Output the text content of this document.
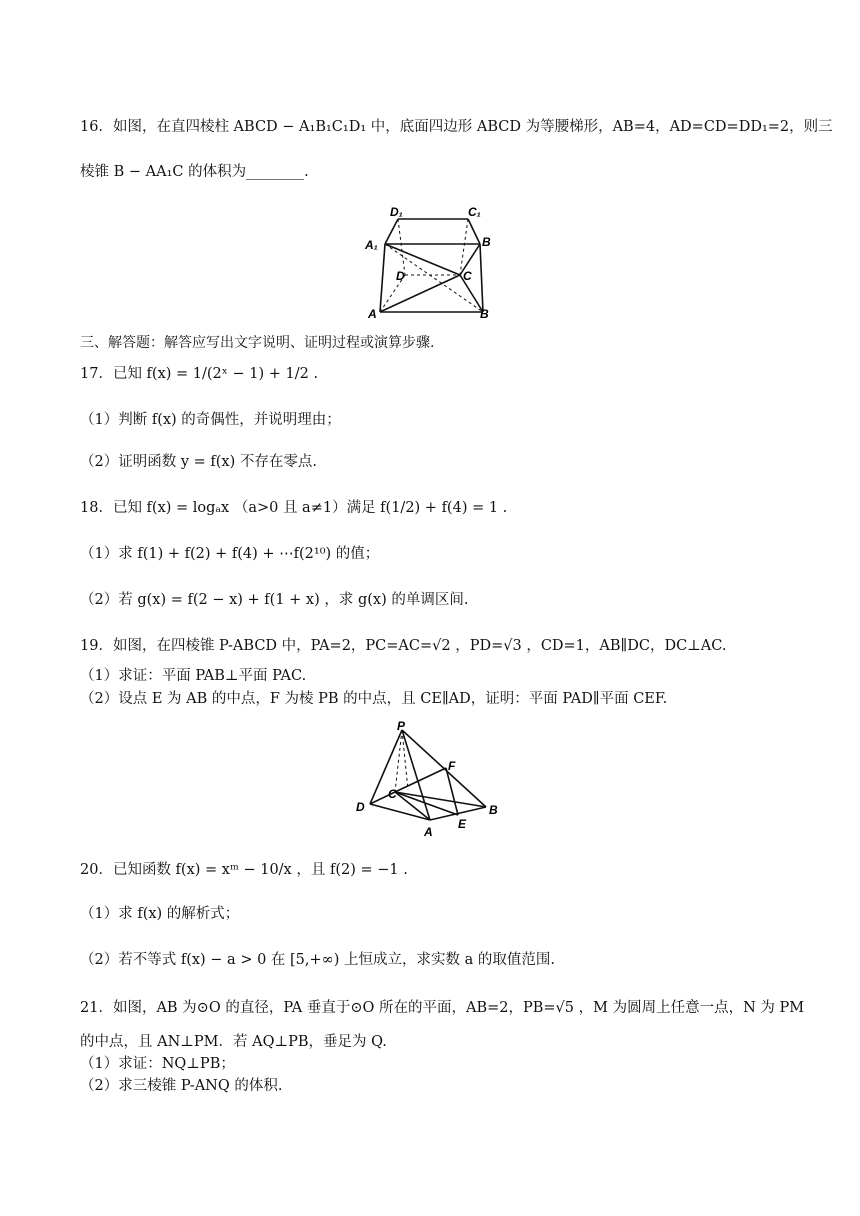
16．如图，在直四棱柱 ABCD − A₁B₁C₁D₁ 中，底面四边形 ABCD 为等腰梯形，AB=4，AD=CD=DD₁=2，则三
棱锥 B − AA₁C 的体积为________.
D₁	C₁
A₁	B
D	C
A	B
三、解答题：解答应写出文字说明、证明过程或演算步骤.
17．已知 f(x) = 1/(2ˣ − 1) + 1/2 .
（1）判断 f(x) 的奇偶性，并说明理由；
（2）证明函数 y = f(x) 不存在零点.
18．已知 f(x) = logₐx （a>0 且 a≠1）满足 f(1/2) + f(4) = 1 .
（1）求 f(1) + f(2) + f(4) + ⋯f(2¹⁰) 的值；
（2）若 g(x) = f(2 − x) + f(1 + x) ，求 g(x) 的单调区间.
19．如图，在四棱锥 P-ABCD 中，PA=2，PC=AC=√2 ，PD=√3 ，CD=1，AB∥DC，DC⊥AC.
（1）求证：平面 PAB⊥平面 PAC.
（2）设点 E 为 AB 的中点，F 为棱 PB 的中点，且 CE∥AD，证明：平面 PAD∥平面 CEF.
P
F
C
D	B
E
A
20．已知函数 f(x) = xᵐ − 10/x ，且 f(2) = −1 .
（1）求 f(x) 的解析式；
（2）若不等式 f(x) − a > 0 在 [5,+∞) 上恒成立，求实数 a 的取值范围.
21．如图，AB 为⊙O 的直径，PA 垂直于⊙O 所在的平面，AB=2，PB=√5 ，M 为圆周上任意一点，N 为 PM
的中点，且 AN⊥PM．若 AQ⊥PB，垂足为 Q.
（1）求证：NQ⊥PB；
（2）求三棱锥 P-ANQ 的体积.
